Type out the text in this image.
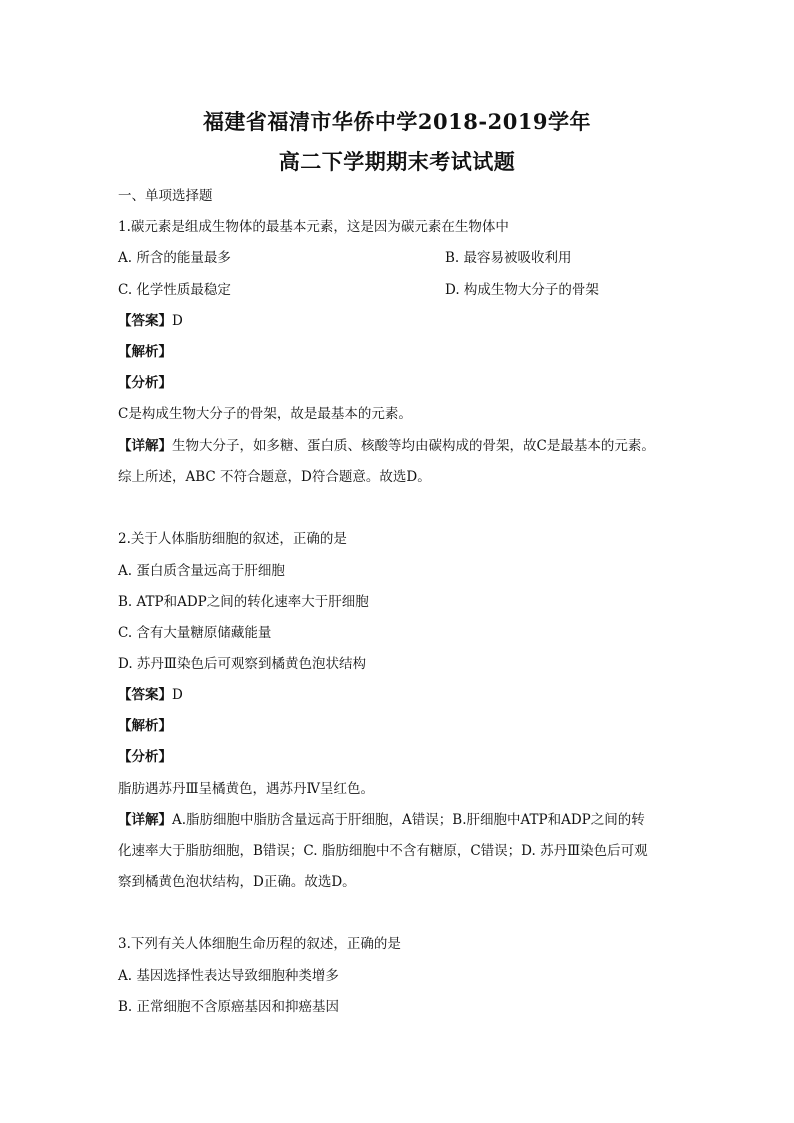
福建省福清市华侨中学2018-2019学年
高二下学期期末考试试题
一、单项选择题
1.碳元素是组成生物体的最基本元素，这是因为碳元素在生物体中
A. 所含的能量最多	B. 最容易被吸收利用
C. 化学性质最稳定	D. 构成生物大分子的骨架
【答案】D
【解析】
【分析】
C是构成生物大分子的骨架，故是最基本的元素。
【详解】生物大分子，如多糖、蛋白质、核酸等均由碳构成的骨架，故C是最基本的元素。
综上所述，ABC 不符合题意，D符合题意。故选D。
2.关于人体脂肪细胞的叙述，正确的是
A. 蛋白质含量远高于肝细胞
B. ATP和ADP之间的转化速率大于肝细胞
C. 含有大量糖原储藏能量
D. 苏丹Ⅲ染色后可观察到橘黄色泡状结构
【答案】D
【解析】
【分析】
脂肪遇苏丹Ⅲ呈橘黄色，遇苏丹Ⅳ呈红色。
【详解】A.脂肪细胞中脂肪含量远高于肝细胞，A错误；B.肝细胞中ATP和ADP之间的转
化速率大于脂肪细胞，B错误；C. 脂肪细胞中不含有糖原，C错误；D. 苏丹Ⅲ染色后可观
察到橘黄色泡状结构，D正确。故选D。
3.下列有关人体细胞生命历程的叙述，正确的是
A. 基因选择性表达导致细胞种类增多
B. 正常细胞不含原癌基因和抑癌基因
